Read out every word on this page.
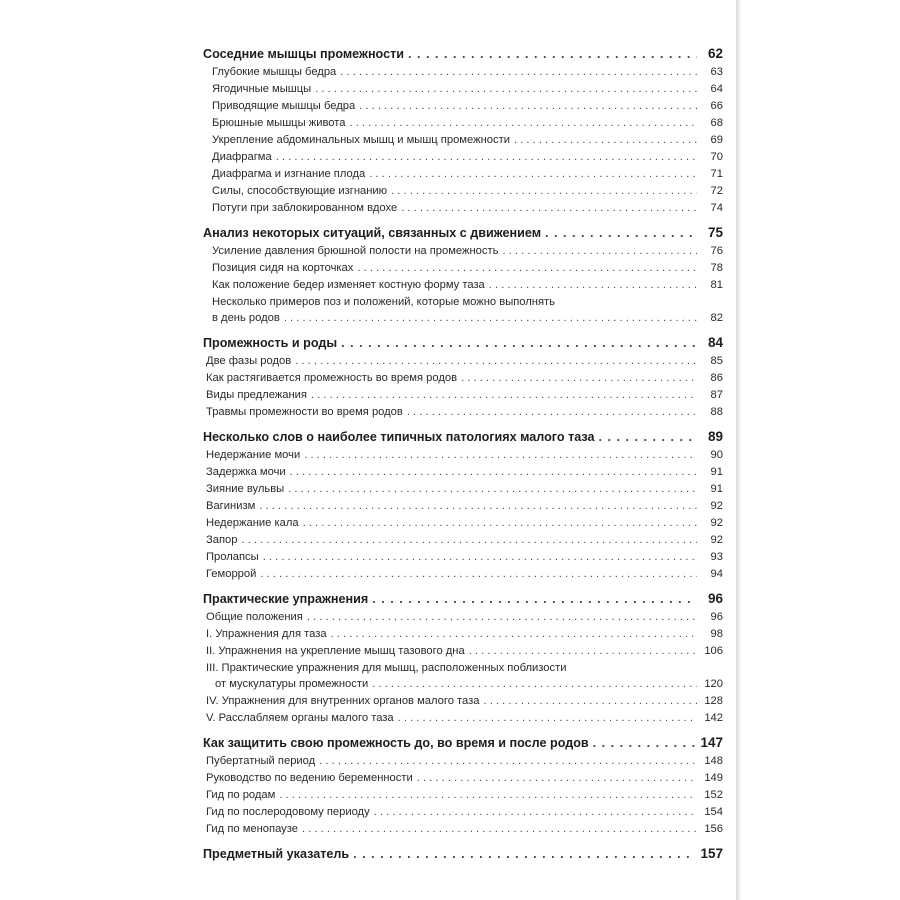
Соседние мышцы промежности . . .	62
Глубокие мышцы бедра . . .	63
Ягодичные мышцы . . .	64
Приводящие мышцы бедра . . .	66
Брюшные мышцы живота . . .	68
Укрепление абдоминальных мышц и мышц промежности . . .	69
Диафрагма . . .	70
Диафрагма и изгнание плода . . .	71
Силы, способствующие изгнанию . . .	72
Потуги при заблокированном вдохе . . .	74
Анализ некоторых ситуаций, связанных с движением . . .	75
Усиление давления брюшной полости на промежность . . .	76
Позиция сидя на корточках . . .	78
Как положение бедер изменяет костную форму таза . . .	81
Несколько примеров поз и положений, которые можно выполнять
в день родов . . .	82
Промежность и роды . . .	84
Две фазы родов . . .	85
Как растягивается промежность во время родов . . .	86
Виды предлежания . . .	87
Травмы промежности во время родов . . .	88
Несколько слов о наиболее типичных патологиях малого таза . . .	89
Недержание мочи . . .	90
Задержка мочи . . .	91
Зияние вульвы . . .	91
Вагинизм . . .	92
Недержание кала . . .	92
Запор . . .	92
Пролапсы . . .	93
Геморрой . . .	94
Практические упражнения . . .	96
Общие положения . . .	96
I. Упражнения для таза . . .	98
II. Упражнения на укрепление мышц тазового дна . . .	106
III. Практические упражнения для мышц, расположенных поблизости
от мускулатуры промежности . . .	120
IV. Упражнения для внутренних органов малого таза . . .	128
V. Расслабляем органы малого таза . . .	142
Как защитить свою промежность до, во время и после родов . . .	147
Пубертатный период . . .	148
Руководство по ведению беременности . . .	149
Гид по родам . . .	152
Гид по послеродовому периоду . . .	154
Гид по менопаузе . . .	156
Предметный указатель . . .	157
